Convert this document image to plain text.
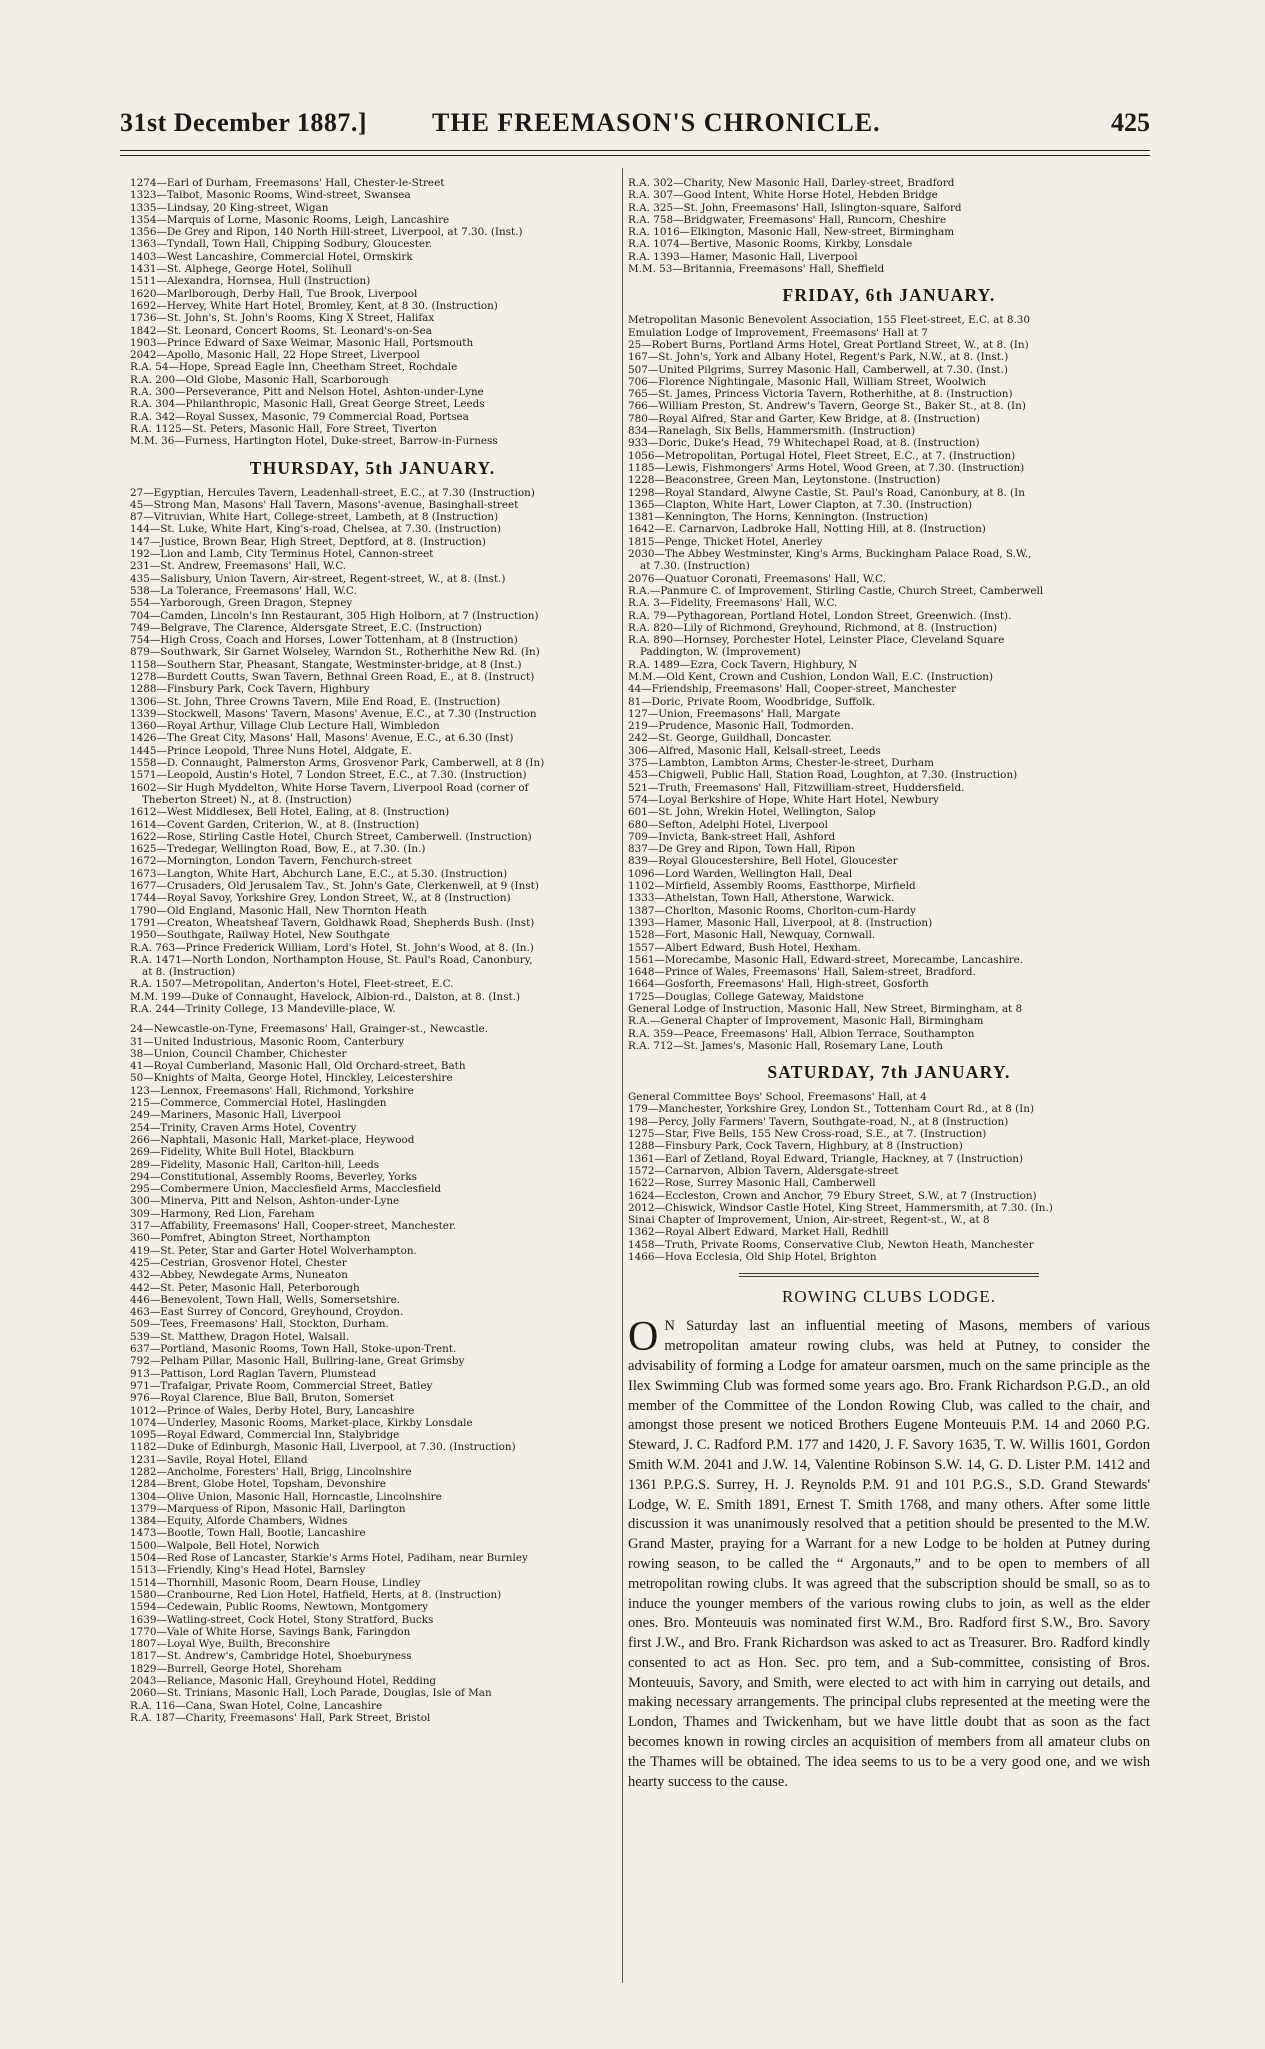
31st December 1887.] THE FREEMASON'S CHRONICLE.	425
1274—Earl of Durham, Freemasons' Hall, Chester-le-Street
1323—Talbot, Masonic Rooms, Wind-street, Swansea
1335—Lindsay, 20 King-street, Wigan
1354—Marquis of Lorne, Masonic Rooms, Leigh, Lancashire
1356—De Grey and Ripon, 140 North Hill-street, Liverpool, at 7.30. (Inst.)
1363—Tyndall, Town Hall, Chipping Sodbury, Gloucester.
1403—West Lancashire, Commercial Hotel, Ormskirk
1431—St. Alphege, George Hotel, Solihull
1511—Alexandra, Hornsea, Hull (Instruction)
1620—Marlborough, Derby Hall, Tue Brook, Liverpool
1692—Hervey, White Hart Hotel, Bromley, Kent, at 8 30. (Instruction)
1736—St. John's, St. John's Rooms, King X Street, Halifax
1842—St. Leonard, Concert Rooms, St. Leonard's-on-Sea
1903—Prince Edward of Saxe Weimar, Masonic Hall, Portsmouth
2042—Apollo, Masonic Hall, 22 Hope Street, Liverpool
R.A. 54—Hope, Spread Eagle Inn, Cheetham Street, Rochdale
R.A. 200—Old Globe, Masonic Hall, Scarborough
R.A. 300—Perseverance, Pitt and Nelson Hotel, Ashton-under-Lyne
R.A. 304—Philanthropic, Masonic Hall, Great George Street, Leeds
R.A. 342—Royal Sussex, Masonic, 79 Commercial Road, Portsea
R.A. 1125—St. Peters, Masonic Hall, Fore Street, Tiverton
M.M. 36—Furness, Hartington Hotel, Duke-street, Barrow-in-Furness
THURSDAY, 5th JANUARY.
27—Egyptian, Hercules Tavern, Leadenhall-street, E.C., at 7.30 (Instruction)
45—Strong Man, Masons' Hall Tavern, Masons'-avenue, Basinghall-street
87—Vitruvian, White Hart, College-street, Lambeth, at 8 (Instruction)
144—St. Luke, White Hart, King's-road, Chelsea, at 7.30. (Instruction)
147—Justice, Brown Bear, High Street, Deptford, at 8. (Instruction)
192—Lion and Lamb, City Terminus Hotel, Cannon-street
231—St. Andrew, Freemasons' Hall, W.C.
435—Salisbury, Union Tavern, Air-street, Regent-street, W., at 8. (Inst.)
538—La Tolerance, Freemasons' Hall, W.C.
554—Yarborough, Green Dragon, Stepney
704—Camden, Lincoln's Inn Restaurant, 305 High Holborn, at 7 (Instruction)
749—Belgrave, The Clarence, Aldersgate Street, E.C. (Instruction)
754—High Cross, Coach and Horses, Lower Tottenham, at 8 (Instruction)
879—Southwark, Sir Garnet Wolseley, Warndon St., Rotherhithe New Rd. (In)
1158—Southern Star, Pheasant, Stangate, Westminster-bridge, at 8 (Inst.)
1278—Burdett Coutts, Swan Tavern, Bethnal Green Road, E., at 8. (Instruct)
1288—Finsbury Park, Cock Tavern, Highbury
1306—St. John, Three Crowns Tavern, Mile End Road, E. (Instruction)
1339—Stockwell, Masons' Tavern, Masons' Avenue, E.C., at 7.30 (Instruction
1360—Royal Arthur, Village Club Lecture Hall, Wimbledon
1426—The Great City, Masons' Hall, Masons' Avenue, E.C., at 6.30 (Inst)
1445—Prince Leopold, Three Nuns Hotel, Aldgate, E.
1558—D. Connaught, Palmerston Arms, Grosvenor Park, Camberwell, at 8 (In)
1571—Leopold, Austin's Hotel, 7 London Street, E.C., at 7.30. (Instruction)
1602—Sir Hugh Myddelton, White Horse Tavern, Liverpool Road (corner of
Theberton Street) N., at 8. (Instruction)
1612—West Middlesex, Bell Hotel, Ealing, at 8. (Instruction)
1614—Covent Garden, Criterion, W., at 8. (Instruction)
1622—Rose, Stirling Castle Hotel, Church Street, Camberwell. (Instruction)
1625—Tredegar, Wellington Road, Bow, E., at 7.30. (In.)
1672—Mornington, London Tavern, Fenchurch-street
1673—Langton, White Hart, Abchurch Lane, E.C., at 5.30. (Instruction)
1677—Crusaders, Old Jerusalem Tav., St. John's Gate, Clerkenwell, at 9 (Inst)
1744—Royal Savoy, Yorkshire Grey, London Street, W., at 8 (Instruction)
1790—Old England, Masonic Hall, New Thornton Heath
1791—Creaton, Wheatsheaf Tavern, Goldhawk Road, Shepherds Bush. (Inst)
1950—Southgate, Railway Hotel, New Southgate
R.A. 763—Prince Frederick William, Lord's Hotel, St. John's Wood, at 8. (In.)
R.A. 1471—North London, Northampton House, St. Paul's Road, Canonbury,
at 8. (Instruction)
R.A. 1507—Metropolitan, Anderton's Hotel, Fleet-street, E.C.
M.M. 199—Duke of Connaught, Havelock, Albion-rd., Dalston, at 8. (Inst.)
R.A. 244—Trinity College, 13 Mandeville-place, W.
24—Newcastle-on-Tyne, Freemasons' Hall, Grainger-st., Newcastle.
31—United Industrious, Masonic Room, Canterbury
38—Union, Council Chamber, Chichester
41—Royal Cumberland, Masonic Hall, Old Orchard-street, Bath
50—Knights of Malta, George Hotel, Hinckley, Leicestershire
123—Lennox, Freemasons' Hall, Richmond, Yorkshire
215—Commerce, Commercial Hotel, Haslingden
249—Mariners, Masonic Hall, Liverpool
254—Trinity, Craven Arms Hotel, Coventry
266—Naphtali, Masonic Hall, Market-place, Heywood
269—Fidelity, White Bull Hotel, Blackburn
289—Fidelity, Masonic Hall, Carlton-hill, Leeds
294—Constitutional, Assembly Rooms, Beverley, Yorks
295—Combermere Union, Macclesfield Arms, Macclesfield
300—Minerva, Pitt and Nelson, Ashton-under-Lyne
309—Harmony, Red Lion, Fareham
317—Affability, Freemasons' Hall, Cooper-street, Manchester.
360—Pomfret, Abington Street, Northampton
419—St. Peter, Star and Garter Hotel Wolverhampton.
425—Cestrian, Grosvenor Hotel, Chester
432—Abbey, Newdegate Arms, Nuneaton
442—St. Peter, Masonic Hall, Peterborough
446—Benevolent, Town Hall, Wells, Somersetshire.
463—East Surrey of Concord, Greyhound, Croydon.
509—Tees, Freemasons' Hall, Stockton, Durham.
539—St. Matthew, Dragon Hotel, Walsall.
637—Portland, Masonic Rooms, Town Hall, Stoke-upon-Trent.
792—Pelham Pillar, Masonic Hall, Bullring-lane, Great Grimsby
913—Pattison, Lord Raglan Tavern, Plumstead
971—Trafalgar, Private Room, Commercial Street, Batley
976—Royal Clarence, Blue Ball, Bruton, Somerset
1012—Prince of Wales, Derby Hotel, Bury, Lancashire
1074—Underley, Masonic Rooms, Market-place, Kirkby Lonsdale
1095—Royal Edward, Commercial Inn, Stalybridge
1182—Duke of Edinburgh, Masonic Hall, Liverpool, at 7.30. (Instruction)
1231—Savile, Royal Hotel, Elland
1282—Ancholme, Foresters' Hall, Brigg, Lincolnshire
1284—Brent, Globe Hotel, Topsham, Devonshire
1304—Olive Union, Masonic Hall, Horncastle, Lincolnshire
1379—Marquess of Ripon, Masonic Hall, Darlington
1384—Equity, Alforde Chambers, Widnes
1473—Bootle, Town Hall, Bootle, Lancashire
1500—Walpole, Bell Hotel, Norwich
1504—Red Rose of Lancaster, Starkie's Arms Hotel, Padiham, near Burnley
1513—Friendly, King's Head Hotel, Barnsley
1514—Thornhill, Masonic Room, Dearn House, Lindley
1580—Cranbourne, Red Lion Hotel, Hatfield, Herts, at 8. (Instruction)
1594—Cedewain, Public Rooms, Newtown, Montgomery
1639—Watling-street, Cock Hotel, Stony Stratford, Bucks
1770—Vale of White Horse, Savings Bank, Faringdon
1807—Loyal Wye, Builth, Breconshire
1817—St. Andrew's, Cambridge Hotel, Shoeburyness
1829—Burrell, George Hotel, Shoreham
2043—Reliance, Masonic Hall, Greyhound Hotel, Redding
2060—St. Trinians, Masonic Hall, Loch Parade, Douglas, Isle of Man
R.A. 116—Cana, Swan Hotel, Colne, Lancashire
R.A. 187—Charity, Freemasons' Hall, Park Street, Bristol
R.A. 302—Charity, New Masonic Hall, Darley-street, Bradford
R.A. 307—Good Intent, White Horse Hotel, Hebden Bridge
R.A. 325—St. John, Freemasons' Hall, Islington-square, Salford
R.A. 758—Bridgwater, Freemasons' Hall, Runcorn, Cheshire
R.A. 1016—Elkington, Masonic Hall, New-street, Birmingham
R.A. 1074—Bertive, Masonic Rooms, Kirkby, Lonsdale
R.A. 1393—Hamer, Masonic Hall, Liverpool
M.M. 53—Britannia, Freemasons' Hall, Sheffield
FRIDAY, 6th JANUARY.
Metropolitan Masonic Benevolent Association, 155 Fleet-street, E.C. at 8.30
Emulation Lodge of Improvement, Freemasons' Hall at 7
25—Robert Burns, Portland Arms Hotel, Great Portland Street, W., at 8. (In)
167—St. John's, York and Albany Hotel, Regent's Park, N.W., at 8. (Inst.)
507—United Pilgrims, Surrey Masonic Hall, Camberwell, at 7.30. (Inst.)
706—Florence Nightingale, Masonic Hall, William Street, Woolwich
765—St. James, Princess Victoria Tavern, Rotherhithe, at 8. (Instruction)
766—William Preston, St. Andrew's Tavern, George St., Baker St., at 8. (In)
780—Royal Alfred, Star and Garter, Kew Bridge, at 8. (Instruction)
834—Ranelagh, Six Bells, Hammersmith. (Instruction)
933—Doric, Duke's Head, 79 Whitechapel Road, at 8. (Instruction)
1056—Metropolitan, Portugal Hotel, Fleet Street, E.C., at 7. (Instruction)
1185—Lewis, Fishmongers' Arms Hotel, Wood Green, at 7.30. (Instruction)
1228—Beaconstree, Green Man, Leytonstone. (Instruction)
1298—Royal Standard, Alwyne Castle, St. Paul's Road, Canonbury, at 8. (In
1365—Clapton, White Hart, Lower Clapton, at 7.30. (Instruction)
1381—Kennington, The Horns, Kennington. (Instruction)
1642—E. Carnarvon, Ladbroke Hall, Notting Hill, at 8. (Instruction)
1815—Penge, Thicket Hotel, Anerley
2030—The Abbey Westminster, King's Arms, Buckingham Palace Road, S.W.,
at 7.30. (Instruction)
2076—Quatuor Coronati, Freemasons' Hall, W.C.
R.A.—Panmure C. of Improvement, Stirling Castle, Church Street, Camberwell
R.A. 3—Fidelity, Freemasons' Hall, W.C.
R.A. 79—Pythagorean, Portland Hotel, London Street, Greenwich. (Inst).
R.A. 820—Lily of Richmond, Greyhound, Richmond, at 8. (Instruction)
R.A. 890—Hornsey, Porchester Hotel, Leinster Place, Cleveland Square
Paddington, W. (Improvement)
R.A. 1489—Ezra, Cock Tavern, Highbury, N
M.M.—Old Kent, Crown and Cushion, London Wall, E.C. (Instruction)
44—Friendship, Freemasons' Hall, Cooper-street, Manchester
81—Doric, Private Room, Woodbridge, Suffolk.
127—Union, Freemasons' Hall, Margate
219—Prudence, Masonic Hall, Todmorden.
242—St. George, Guildhall, Doncaster.
306—Alfred, Masonic Hall, Kelsall-street, Leeds
375—Lambton, Lambton Arms, Chester-le-street, Durham
453—Chigwell, Public Hall, Station Road, Loughton, at 7.30. (Instruction)
521—Truth, Freemasons' Hall, Fitzwilliam-street, Huddersfield.
574—Loyal Berkshire of Hope, White Hart Hotel, Newbury
601—St. John, Wrekin Hotel, Wellington, Salop
680—Sefton, Adelphi Hotel, Liverpool
709—Invicta, Bank-street Hall, Ashford
837—De Grey and Ripon, Town Hall, Ripon
839—Royal Gloucestershire, Bell Hotel, Gloucester
1096—Lord Warden, Wellington Hall, Deal
1102—Mirfield, Assembly Rooms, Eastthorpe, Mirfield
1333—Athelstan, Town Hall, Atherstone, Warwick.
1387—Chorlton, Masonic Rooms, Chorlton-cum-Hardy
1393—Hamer, Masonic Hall, Liverpool, at 8. (Instruction)
1528—Fort, Masonic Hall, Newquay, Cornwall.
1557—Albert Edward, Bush Hotel, Hexham.
1561—Morecambe, Masonic Hall, Edward-street, Morecambe, Lancashire.
1648—Prince of Wales, Freemasons' Hall, Salem-street, Bradford.
1664—Gosforth, Freemasons' Hall, High-street, Gosforth
1725—Douglas, College Gateway, Maidstone
General Lodge of Instruction, Masonic Hall, New Street, Birmingham, at 8
R.A.—General Chapter of Improvement, Masonic Hall, Birmingham
R.A. 359—Peace, Freemasons' Hall, Albion Terrace, Southampton
R.A. 712—St. James's, Masonic Hall, Rosemary Lane, Louth
SATURDAY, 7th JANUARY.
General Committee Boys' School, Freemasons' Hall, at 4
179—Manchester, Yorkshire Grey, London St., Tottenham Court Rd., at 8 (In)
198—Percy, Jolly Farmers' Tavern, Southgate-road, N., at 8 (Instruction)
1275—Star, Five Bells, 155 New Cross-road, S.E., at 7. (Instruction)
1288—Finsbury Park, Cock Tavern, Highbury, at 8 (Instruction)
1361—Earl of Zetland, Royal Edward, Triangle, Hackney, at 7 (Instruction)
1572—Carnarvon, Albion Tavern, Aldersgate-street
1622—Rose, Surrey Masonic Hall, Camberwell
1624—Eccleston, Crown and Anchor, 79 Ebury Street, S.W., at 7 (Instruction)
2012—Chiswick, Windsor Castle Hotel, King Street, Hammersmith, at 7.30. (In.)
Sinai Chapter of Improvement, Union, Air-street, Regent-st., W., at 8
1362—Royal Albert Edward, Market Hall, Redhill
1458—Truth, Private Rooms, Conservative Club, Newton Heath, Manchester
1466—Hova Ecclesia, Old Ship Hotel, Brighton
ROWING CLUBS LODGE.
O N Saturday last an influential meeting of Masons, members of various metropolitan amateur rowing clubs, was held at Putney, to consider the advisability of forming a Lodge for amateur oarsmen, much on the same principle as the Ilex Swimming Club was formed some years ago. Bro. Frank Richardson P.G.D., an old member of the Committee of the London Rowing Club, was called to the chair, and amongst those present we noticed Brothers Eugene Monteuuis P.M. 14 and 2060 P.G. Steward, J. C. Radford P.M. 177 and 1420, J. F. Savory 1635, T. W. Willis 1601, Gordon Smith W.M. 2041 and J.W. 14, Valentine Robinson S.W. 14, G. D. Lister P.M. 1412 and 1361 P.P.G.S. Surrey, H. J. Reynolds P.M. 91 and 101 P.G.S., S.D. Grand Stewards' Lodge, W. E. Smith 1891, Ernest T. Smith 1768, and many others. After some little discussion it was unanimously resolved that a petition should be presented to the M.W. Grand Master, praying for a Warrant for a new Lodge to be holden at Putney during rowing season, to be called the “ Argonauts,” and to be open to members of all metropolitan rowing clubs. It was agreed that the subscription should be small, so as to induce the younger members of the various rowing clubs to join, as well as the elder ones. Bro. Monteuuis was nominated first W.M., Bro. Radford first S.W., Bro. Savory first J.W., and Bro. Frank Richardson was asked to act as Treasurer. Bro. Radford kindly consented to act as Hon. Sec. pro tem, and a Sub-committee, consisting of Bros. Monteuuis, Savory, and Smith, were elected to act with him in carrying out details, and making necessary arrangements. The principal clubs represented at the meeting were the London, Thames and Twickenham, but we have little doubt that as soon as the fact becomes known in rowing circles an acquisition of members from all amateur clubs on the Thames will be obtained. The idea seems to us to be a very good one, and we wish hearty success to the cause.
